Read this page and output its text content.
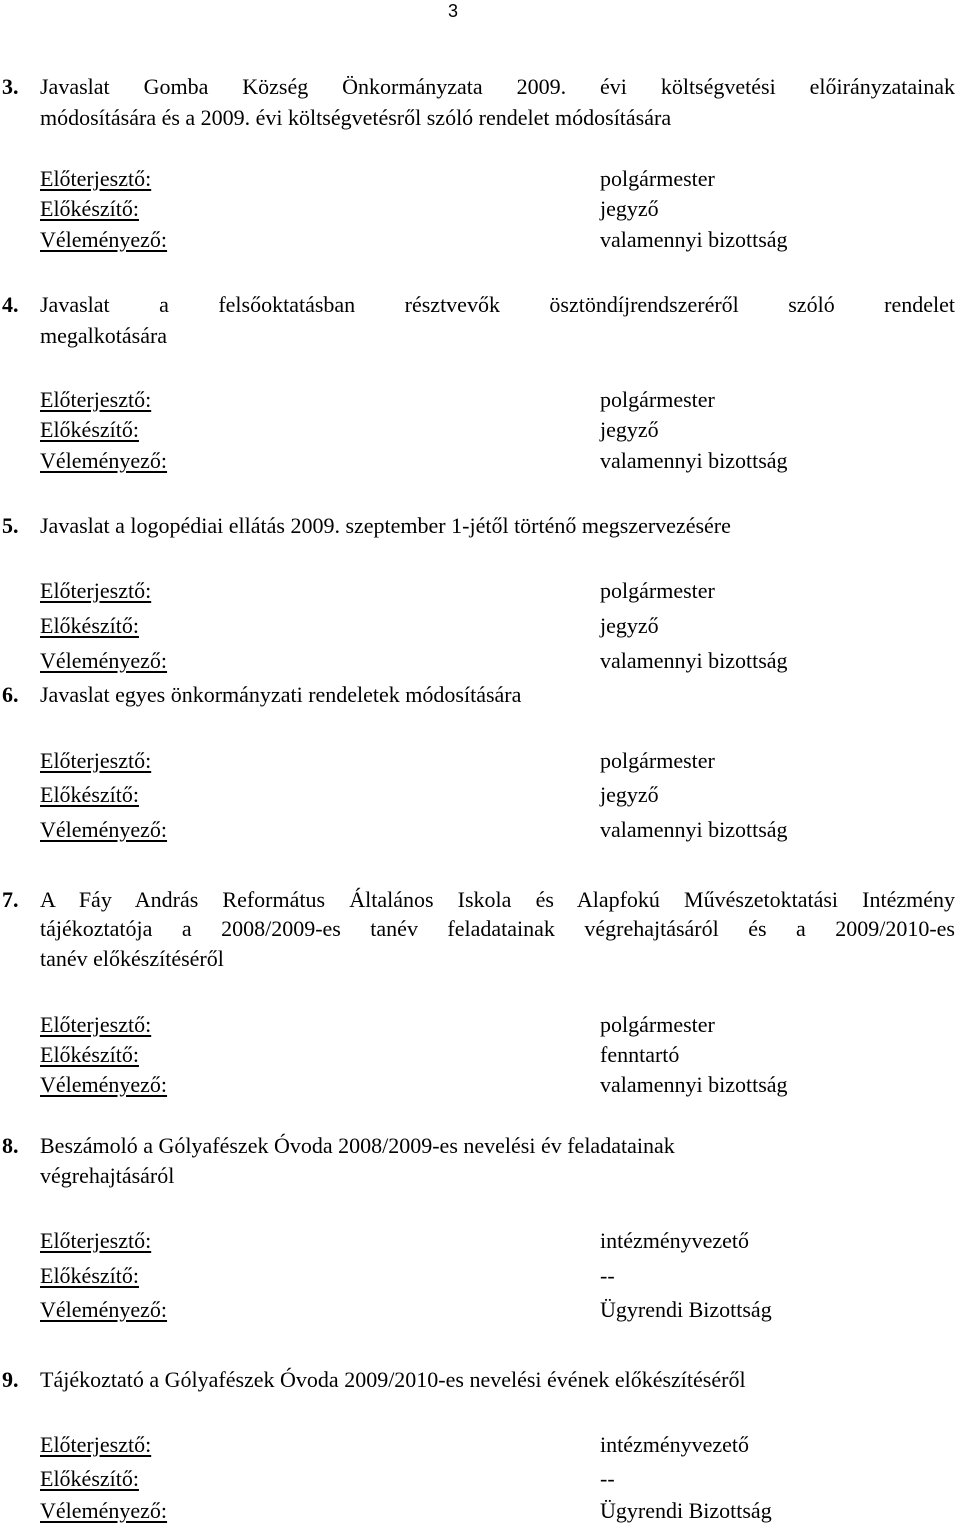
3
3. Javaslat Gomba Község Önkormányzata 2009. évi költségvetési előirányzatainak
módosítására és a 2009. évi költségvetésről szóló rendelet módosítására
Előterjesztő:	polgármester
Előkészítő:	jegyző
Véleményező:	valamennyi bizottság
4. Javaslat a felsőoktatásban résztvevők ösztöndíjrendszeréről szóló rendelet
megalkotására
Előterjesztő:	polgármester
Előkészítő:	jegyző
Véleményező:	valamennyi bizottság
5. Javaslat a logopédiai ellátás 2009. szeptember 1-jétől történő megszervezésére
Előterjesztő:	polgármester
Előkészítő:	jegyző
Véleményező:	valamennyi bizottság
6. Javaslat egyes önkormányzati rendeletek módosítására
Előterjesztő:	polgármester
Előkészítő:	jegyző
Véleményező:	valamennyi bizottság
7. A Fáy András Református Általános Iskola és Alapfokú Művészetoktatási Intézmény
tájékoztatója a 2008/2009-es tanév feladatainak végrehajtásáról és a 2009/2010-es
tanév előkészítéséről
Előterjesztő:	polgármester
Előkészítő:	fenntartó
Véleményező:	valamennyi bizottság
8. Beszámoló a Gólyafészek Óvoda 2008/2009-es nevelési év feladatainak
végrehajtásáról
Előterjesztő:	intézményvezető
Előkészítő:	--
Véleményező:	Ügyrendi Bizottság
9. Tájékoztató a Gólyafészek Óvoda 2009/2010-es nevelési évének előkészítéséről
Előterjesztő:	intézményvezető
Előkészítő:	--
Véleményező:	Ügyrendi Bizottság
